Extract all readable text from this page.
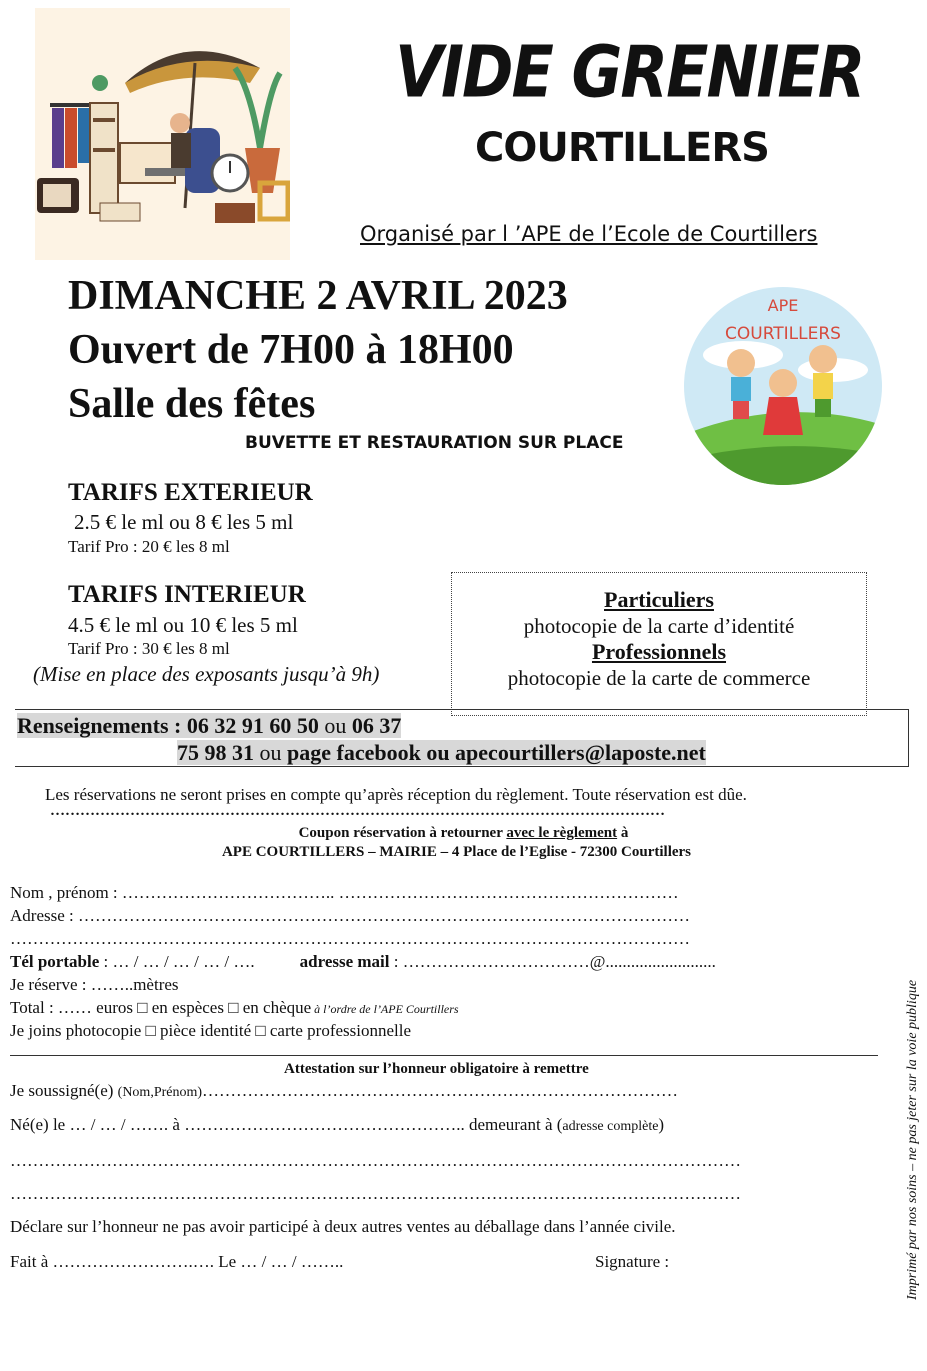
VIDE GRENIER
COURTILLERS
Organisé par l ’APE de l’Ecole de Courtillers
DIMANCHE 2 AVRIL 2023
Ouvert de 7H00 à 18H00
Salle des fêtes
BUVETTE ET RESTAURATION SUR PLACE
APE
COURTILLERS
TARIFS EXTERIEUR
2.5 € le ml ou 8 € les 5 ml
Tarif Pro : 20 € les 8 ml
TARIFS INTERIEUR
4.5 € le ml ou 10 € les 5 ml
Tarif Pro : 30 € les 8 ml
(Mise en place des exposants jusqu’à 9h)
Particuliers
photocopie de la carte d’identité
Professionnels
photocopie de la carte de commerce
Renseignements : 06 32 91 60 50 ou 06 37
75 98 31 ou page facebook ou apecourtillers@laposte.net
Les réservations ne seront prises en compte qu’après réception du règlement. Toute réservation est dûe.
……………………………………………………………………………………………………………
Coupon réservation à retourner avec le règlement à
APE COURTILLERS – MAIRIE – 4 Place de l’Eglise - 72300 Courtillers
Nom , prénom : ……………………………….. ……………………………………………………
Adresse : ………………………………………………………………………………………………
…………………………………………………………………………………………………………
Tél portable : … / … / … / … / ….	adresse mail : ……………………………@..........................
Je réserve : ……..mètres
Total : …… euros □ en espèces □ en chèque à l’ordre de l’APE Courtillers
Je joins photocopie □ pièce identité □ carte professionnelle
Attestation sur l’honneur obligatoire à remettre
Je soussigné(e) (Nom,Prénom)…………………………………………………………………………
Né(e) le … / … / ……. à ………………………………………….. demeurant à (adresse complète)
…………………………………………………………………………………………………………………
…………………………………………………………………………………………………………………
Déclare sur l’honneur ne pas avoir participé à deux autres ventes au déballage dans l’année civile.
Fait à …………………….…. Le … / … / ……..	Signature :	Imprimé par nos soins – ne pas jeter sur la voie publique
